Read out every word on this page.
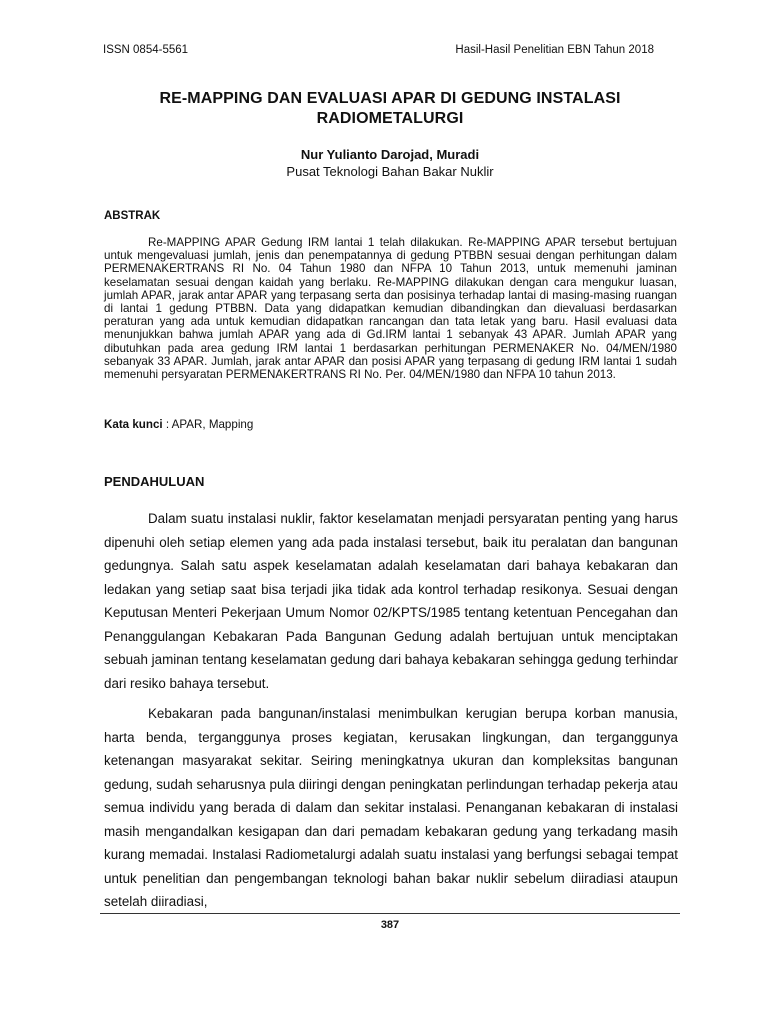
ISSN 0854-5561	Hasil-Hasil Penelitian EBN Tahun 2018
RE-MAPPING DAN EVALUASI APAR DI GEDUNG INSTALASI RADIOMETALURGI
Nur Yulianto Darojad, Muradi
Pusat Teknologi Bahan Bakar Nuklir
ABSTRAK

Re-MAPPING APAR Gedung IRM lantai 1 telah dilakukan. Re-MAPPING APAR tersebut bertujuan untuk mengevaluasi jumlah, jenis dan penempatannya di gedung PTBBN sesuai dengan perhitungan dalam PERMENAKERTRANS RI No. 04 Tahun 1980 dan NFPA 10 Tahun 2013, untuk memenuhi jaminan keselamatan sesuai dengan kaidah yang berlaku. Re-MAPPING dilakukan dengan cara mengukur luasan, jumlah APAR, jarak antar APAR yang terpasang serta dan posisinya terhadap lantai di masing-masing ruangan di lantai 1 gedung PTBBN. Data yang didapatkan kemudian dibandingkan dan dievaluasi berdasarkan peraturan yang ada untuk kemudian didapatkan rancangan dan tata letak yang baru. Hasil evaluasi data menunjukkan bahwa jumlah APAR yang ada di Gd.IRM lantai 1 sebanyak 43 APAR. Jumlah APAR yang dibutuhkan pada area gedung IRM lantai 1 berdasarkan perhitungan PERMENAKER No. 04/MEN/1980 sebanyak 33 APAR. Jumlah, jarak antar APAR dan posisi APAR yang terpasang di gedung IRM lantai 1 sudah memenuhi persyaratan PERMENAKERTRANS RI No. Per. 04/MEN/1980 dan NFPA 10 tahun 2013.

Kata kunci : APAR, Mapping
PENDAHULUAN

Dalam suatu instalasi nuklir, faktor keselamatan menjadi persyaratan penting yang harus dipenuhi oleh setiap elemen yang ada pada instalasi tersebut, baik itu peralatan dan bangunan gedungnya. Salah satu aspek keselamatan adalah keselamatan dari bahaya kebakaran dan ledakan yang setiap saat bisa terjadi jika tidak ada kontrol terhadap resikonya. Sesuai dengan Keputusan Menteri Pekerjaan Umum Nomor 02/KPTS/1985 tentang ketentuan Pencegahan dan Penanggulangan Kebakaran Pada Bangunan Gedung adalah bertujuan untuk menciptakan sebuah jaminan tentang keselamatan gedung dari bahaya kebakaran sehingga gedung terhindar dari resiko bahaya tersebut.

Kebakaran pada bangunan/instalasi menimbulkan kerugian berupa korban manusia, harta benda, terganggunya proses kegiatan, kerusakan lingkungan, dan terganggunya ketenangan masyarakat sekitar. Seiring meningkatnya ukuran dan kompleksitas bangunan gedung, sudah seharusnya pula diiringi dengan peningkatan perlindungan terhadap pekerja atau semua individu yang berada di dalam dan sekitar instalasi. Penanganan kebakaran di instalasi masih mengandalkan kesigapan dan dari pemadam kebakaran gedung yang terkadang masih kurang memadai. Instalasi Radiometalurgi adalah suatu instalasi yang berfungsi sebagai tempat untuk penelitian dan pengembangan teknologi bahan bakar nuklir sebelum diiradiasi ataupun setelah diiradiasi,

387
